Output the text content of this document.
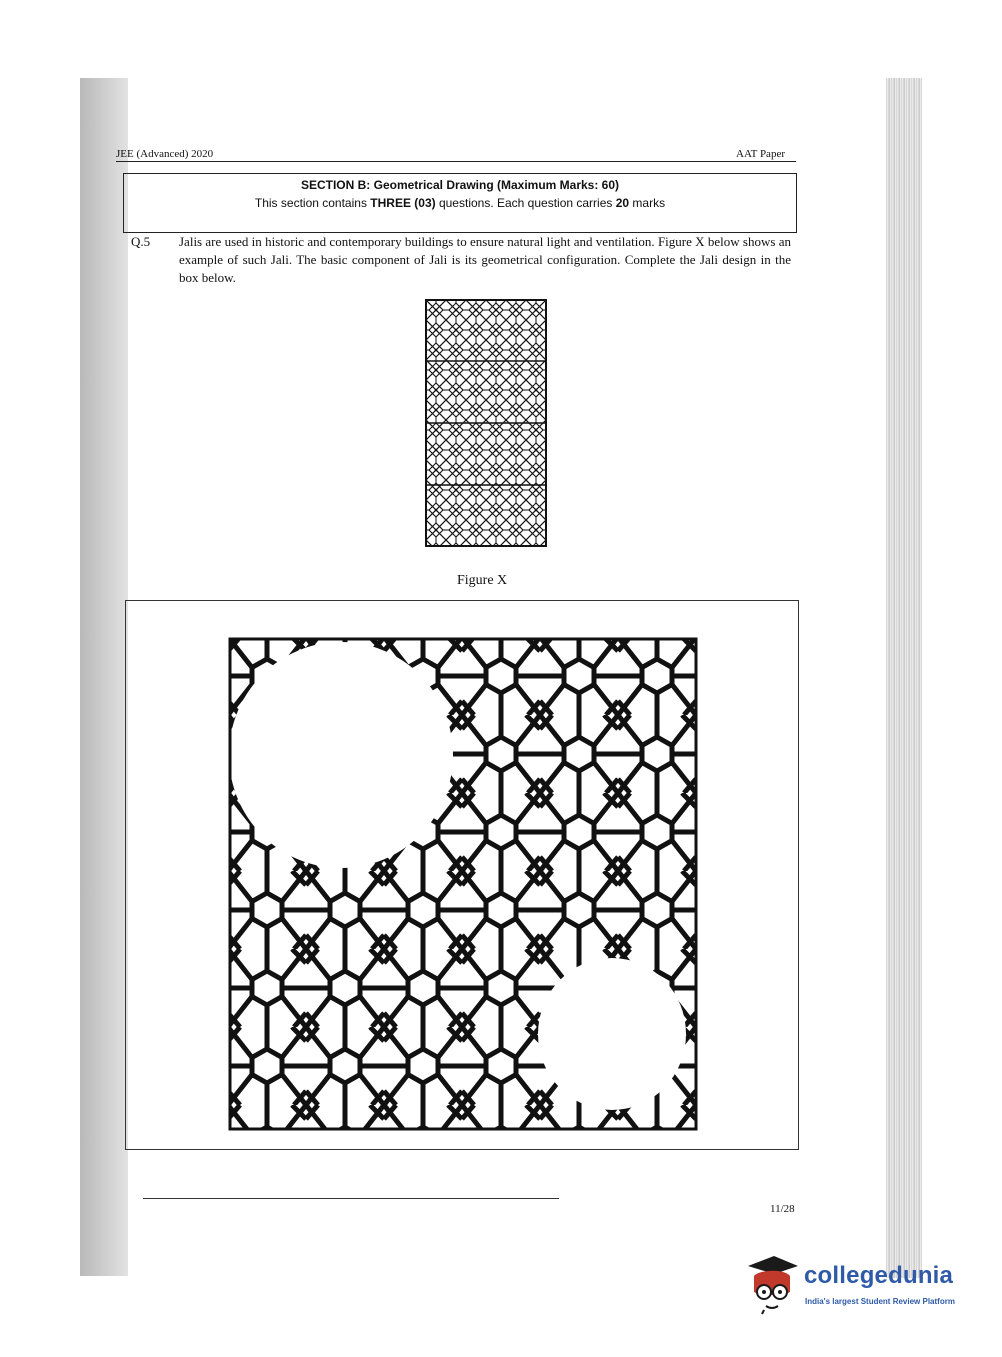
JEE (Advanced) 2020	AAT Paper
SECTION B: Geometrical Drawing (Maximum Marks: 60)
This section contains THREE (03) questions. Each question carries 20 marks
Q.5 Jalis are used in historic and contemporary buildings to ensure natural light and ventilation. Figure X below shows an example of such Jali. The basic component of Jali is its geometrical configuration. Complete the Jali design in the box below.
Figure X
11/28
collegedunia
India's largest Student Review Platform
